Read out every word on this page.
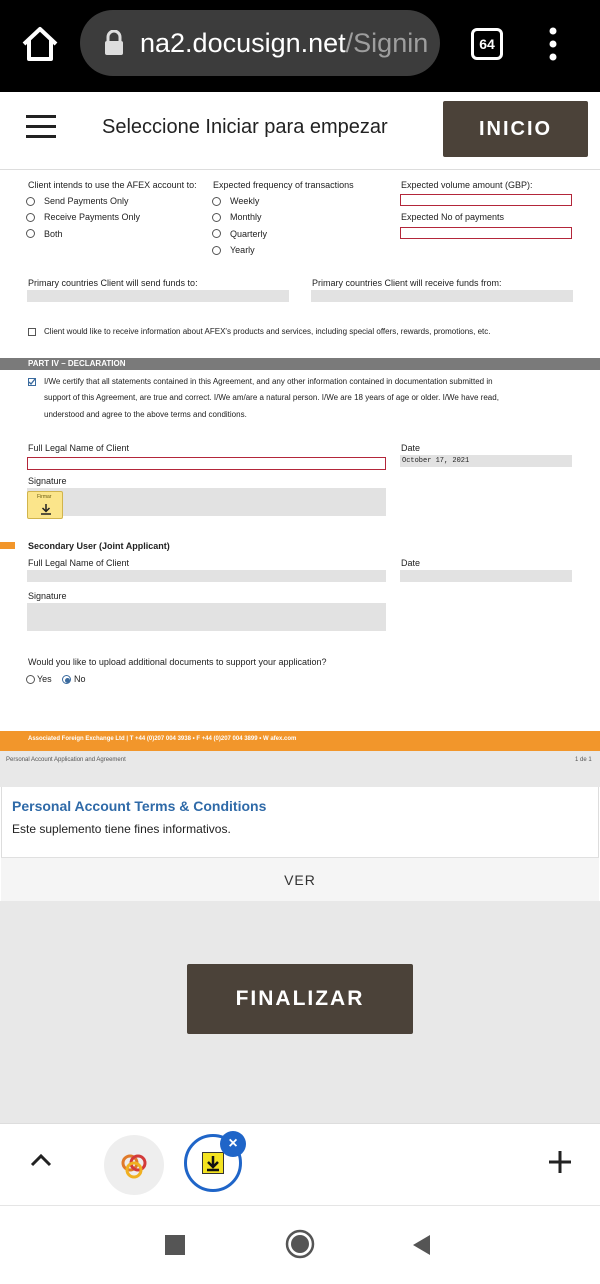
na2.docusign.net/Signin	64
Seleccione Iniciar para empezar	INICIO
Client intends to use the AFEX account to:
Send Payments Only
Receive Payments Only
Both
Expected frequency of transactions
Weekly
Monthly
Quarterly
Yearly
Expected volume amount (GBP):
Expected No of payments
Primary countries Client will send funds to:	Primary countries Client will receive funds from:
Client would like to receive information about AFEX's products and services, including special offers, rewards, promotions, etc.
PART IV – DECLARATION
I/We certify that all statements contained in this Agreement, and any other information contained in documentation submitted in
support of this Agreement, are true and correct. I/We am/are a natural person. I/We are 18 years of age or older. I/We have read,
understood and agree to the above terms and conditions.
Full Legal Name of Client	Date
October 17, 2021
Signature
Firmar
Secondary User (Joint Applicant)
Full Legal Name of Client	Date
Signature
Would you like to upload additional documents to support your application?
Yes No
Associated Foreign Exchange Ltd | T +44 (0)207 004 3938 • F +44 (0)207 004 3899 • W afex.com
Personal Account Application and Agreement	1 de 1
Personal Account Terms & Conditions
Este suplemento tiene fines informativos.
VER
FINALIZAR
×
